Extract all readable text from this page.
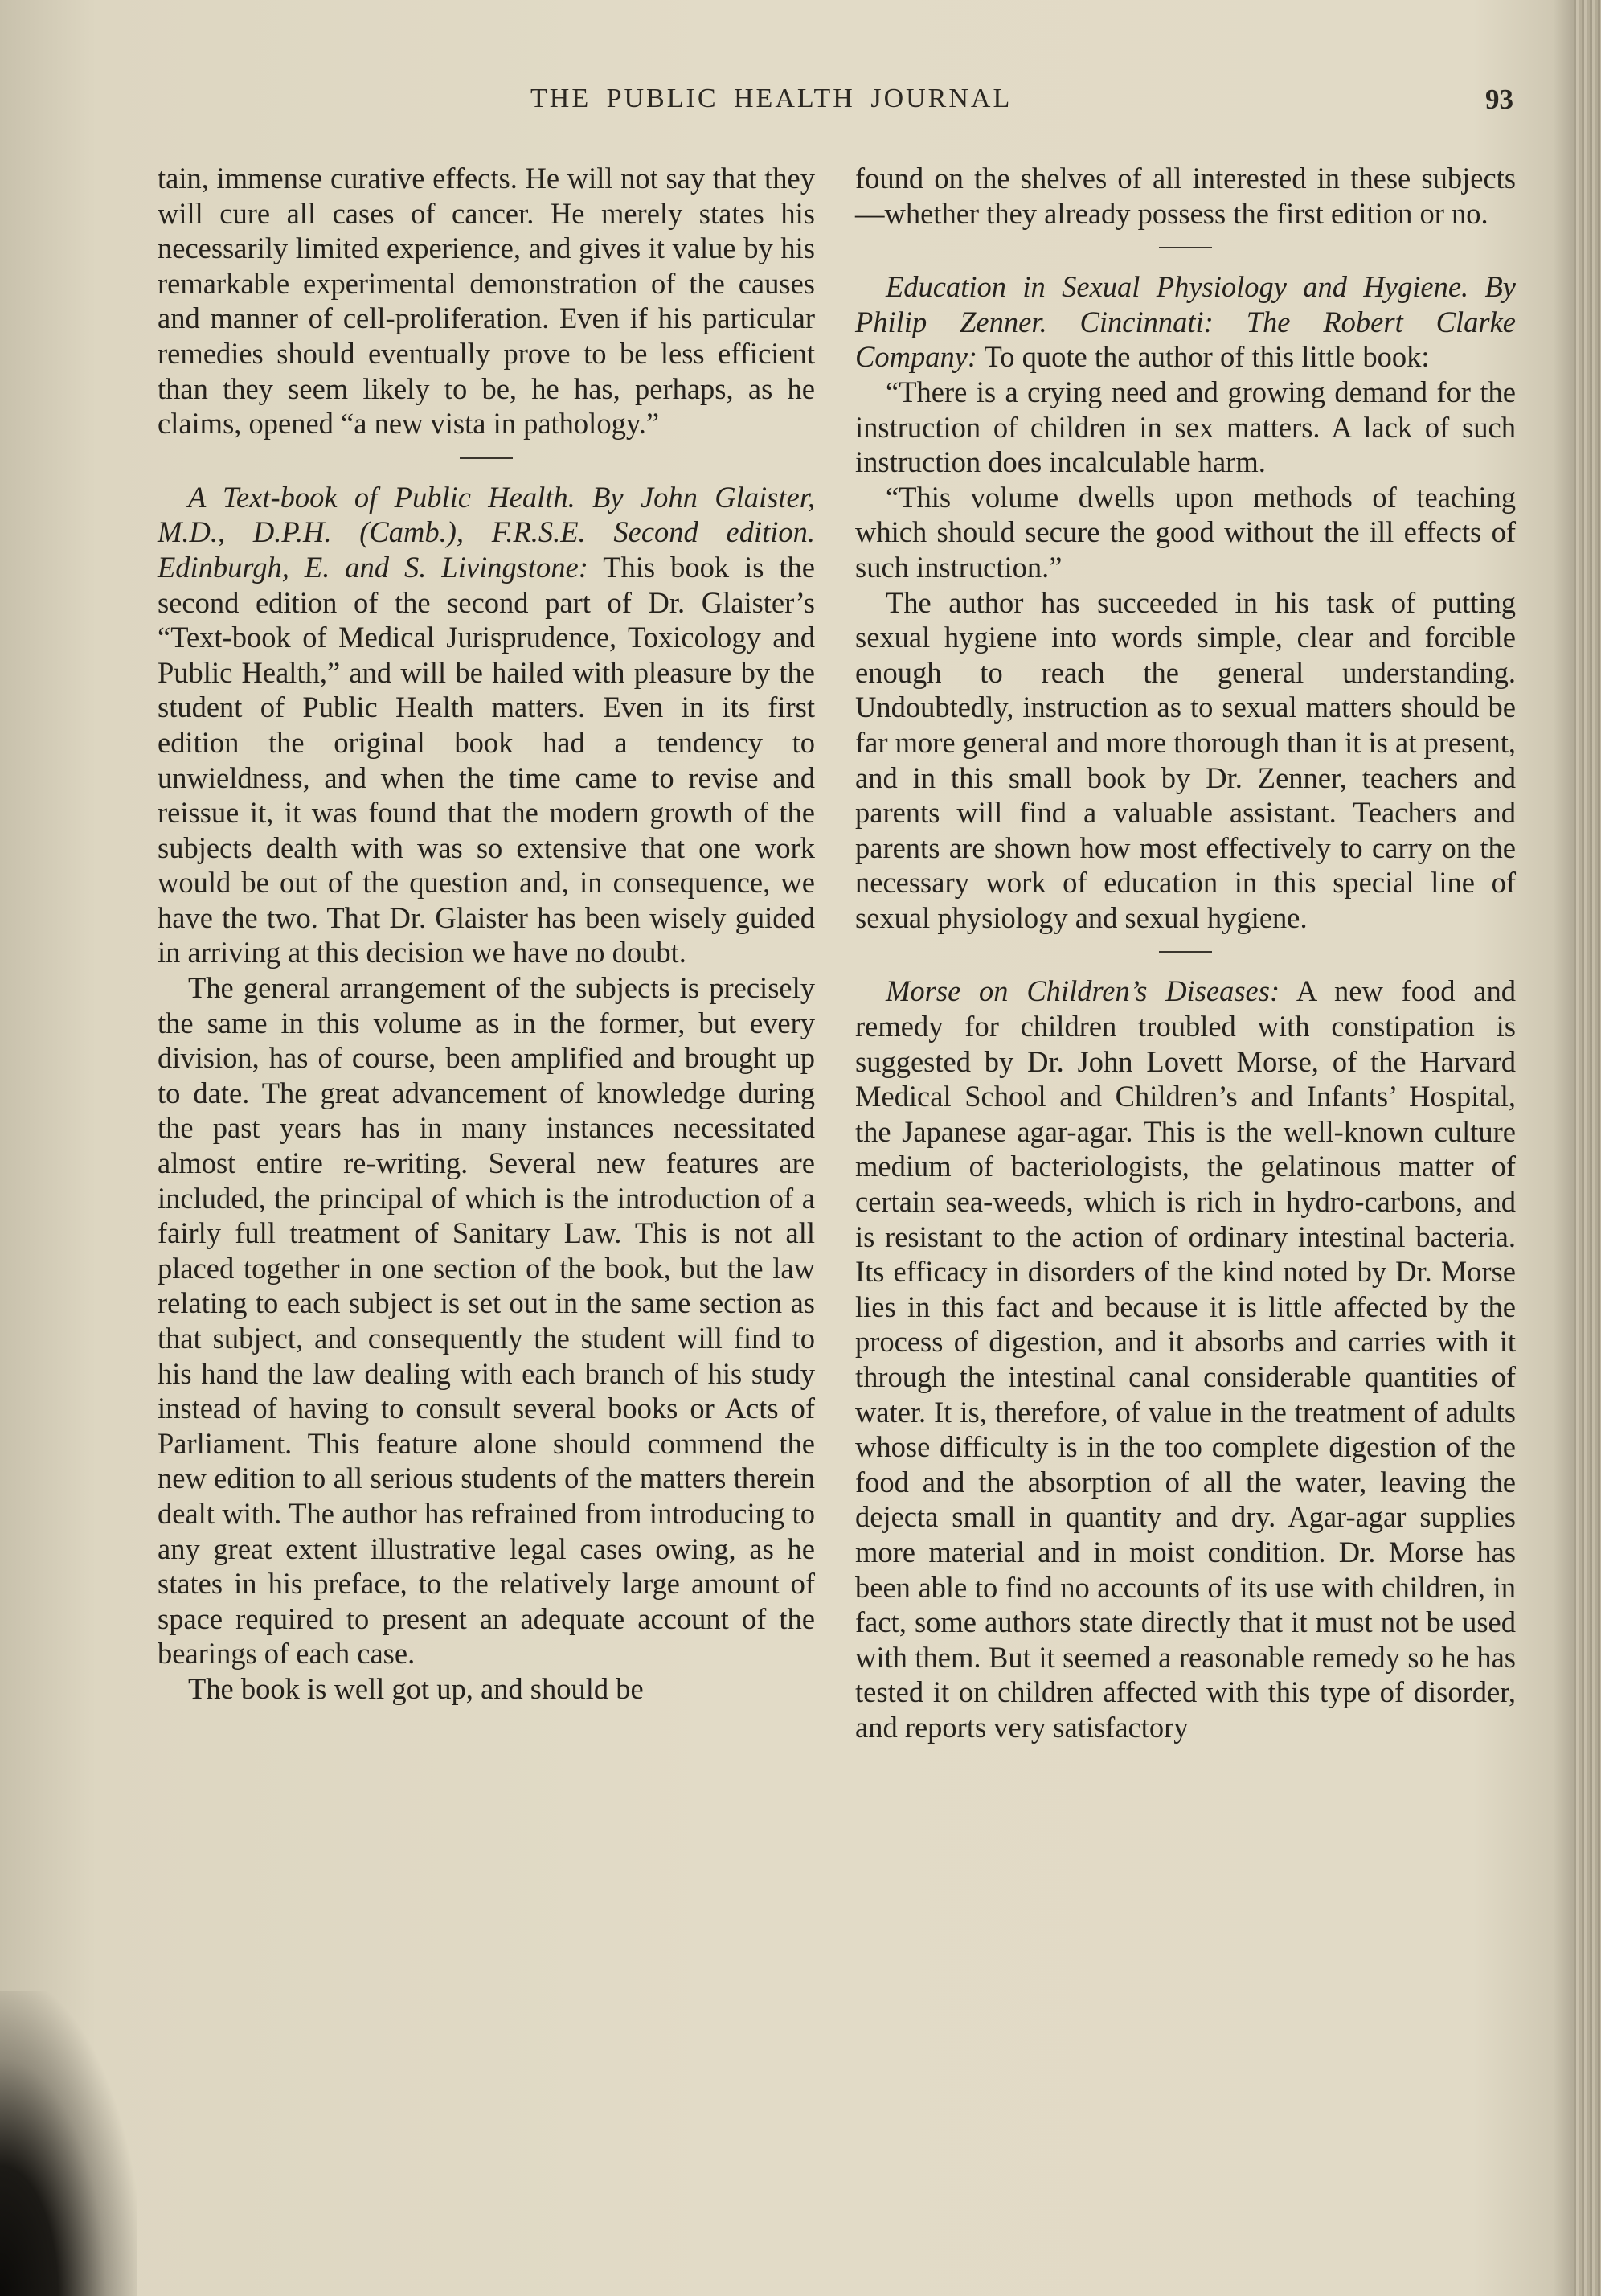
THE PUBLIC HEALTH JOURNAL	93

tain, immense curative effects. He will not say that they will cure all cases of cancer. He merely states his necessarily limited experience, and gives it value by his remarkable experimental demonstration of the causes and manner of cell-proliferation. Even if his particular remedies should eventually prove to be less efficient than they seem likely to be, he has, perhaps, as he claims, opened “a new vista in pathology.”

A Text-book of Public Health. By John Glaister, M.D., D.P.H. (Camb.), F.R.S.E. Second edition. Edinburgh, E. and S. Livingstone: This book is the second edition of the second part of Dr. Glaister’s “Text-book of Medical Jurisprudence, Toxicology and Public Health,” and will be hailed with pleasure by the student of Public Health matters. Even in its first edition the original book had a tendency to unwieldness, and when the time came to revise and reissue it, it was found that the modern growth of the subjects dealth with was so extensive that one work would be out of the question and, in consequence, we have the two. That Dr. Glaister has been wisely guided in arriving at this decision we have no doubt.

The general arrangement of the subjects is precisely the same in this volume as in the former, but every division, has of course, been amplified and brought up to date. The great advancement of knowledge during the past years has in many instances necessitated almost entire re-writing. Several new features are included, the principal of which is the introduction of a fairly full treatment of Sanitary Law. This is not all placed together in one section of the book, but the law relating to each subject is set out in the same section as that subject, and consequently the student will find to his hand the law dealing with each branch of his study instead of having to consult several books or Acts of Parliament. This feature alone should commend the new edition to all serious students of the matters therein dealt with. The author has refrained from introducing to any great extent illustrative legal cases owing, as he states in his preface, to the relatively large amount of space required to present an adequate account of the bearings of each case.

The book is well got up, and should be

found on the shelves of all interested in these subjects—whether they already possess the first edition or no.

Education in Sexual Physiology and Hygiene. By Philip Zenner. Cincinnati: The Robert Clarke Company: To quote the author of this little book:

“There is a crying need and growing demand for the instruction of children in sex matters. A lack of such instruction does incalculable harm.

“This volume dwells upon methods of teaching which should secure the good without the ill effects of such instruction.”

The author has succeeded in his task of putting sexual hygiene into words simple, clear and forcible enough to reach the general understanding. Undoubtedly, instruction as to sexual matters should be far more general and more thorough than it is at present, and in this small book by Dr. Zenner, teachers and parents will find a valuable assistant. Teachers and parents are shown how most effectively to carry on the necessary work of education in this special line of sexual physiology and sexual hygiene.

Morse on Children’s Diseases: A new food and remedy for children troubled with constipation is suggested by Dr. John Lovett Morse, of the Harvard Medical School and Children’s and Infants’ Hospital, the Japanese agar-agar. This is the well-known culture medium of bacteriologists, the gelatinous matter of certain sea-weeds, which is rich in hydro-carbons, and is resistant to the action of ordinary intestinal bacteria. Its efficacy in disorders of the kind noted by Dr. Morse lies in this fact and because it is little affected by the process of digestion, and it absorbs and carries with it through the intestinal canal considerable quantities of water. It is, therefore, of value in the treatment of adults whose difficulty is in the too complete digestion of the food and the absorption of all the water, leaving the dejecta small in quantity and dry. Agar-agar supplies more material and in moist condition. Dr. Morse has been able to find no accounts of its use with children, in fact, some authors state directly that it must not be used with them. But it seemed a reasonable remedy so he has tested it on children affected with this type of disorder, and reports very satisfactory
